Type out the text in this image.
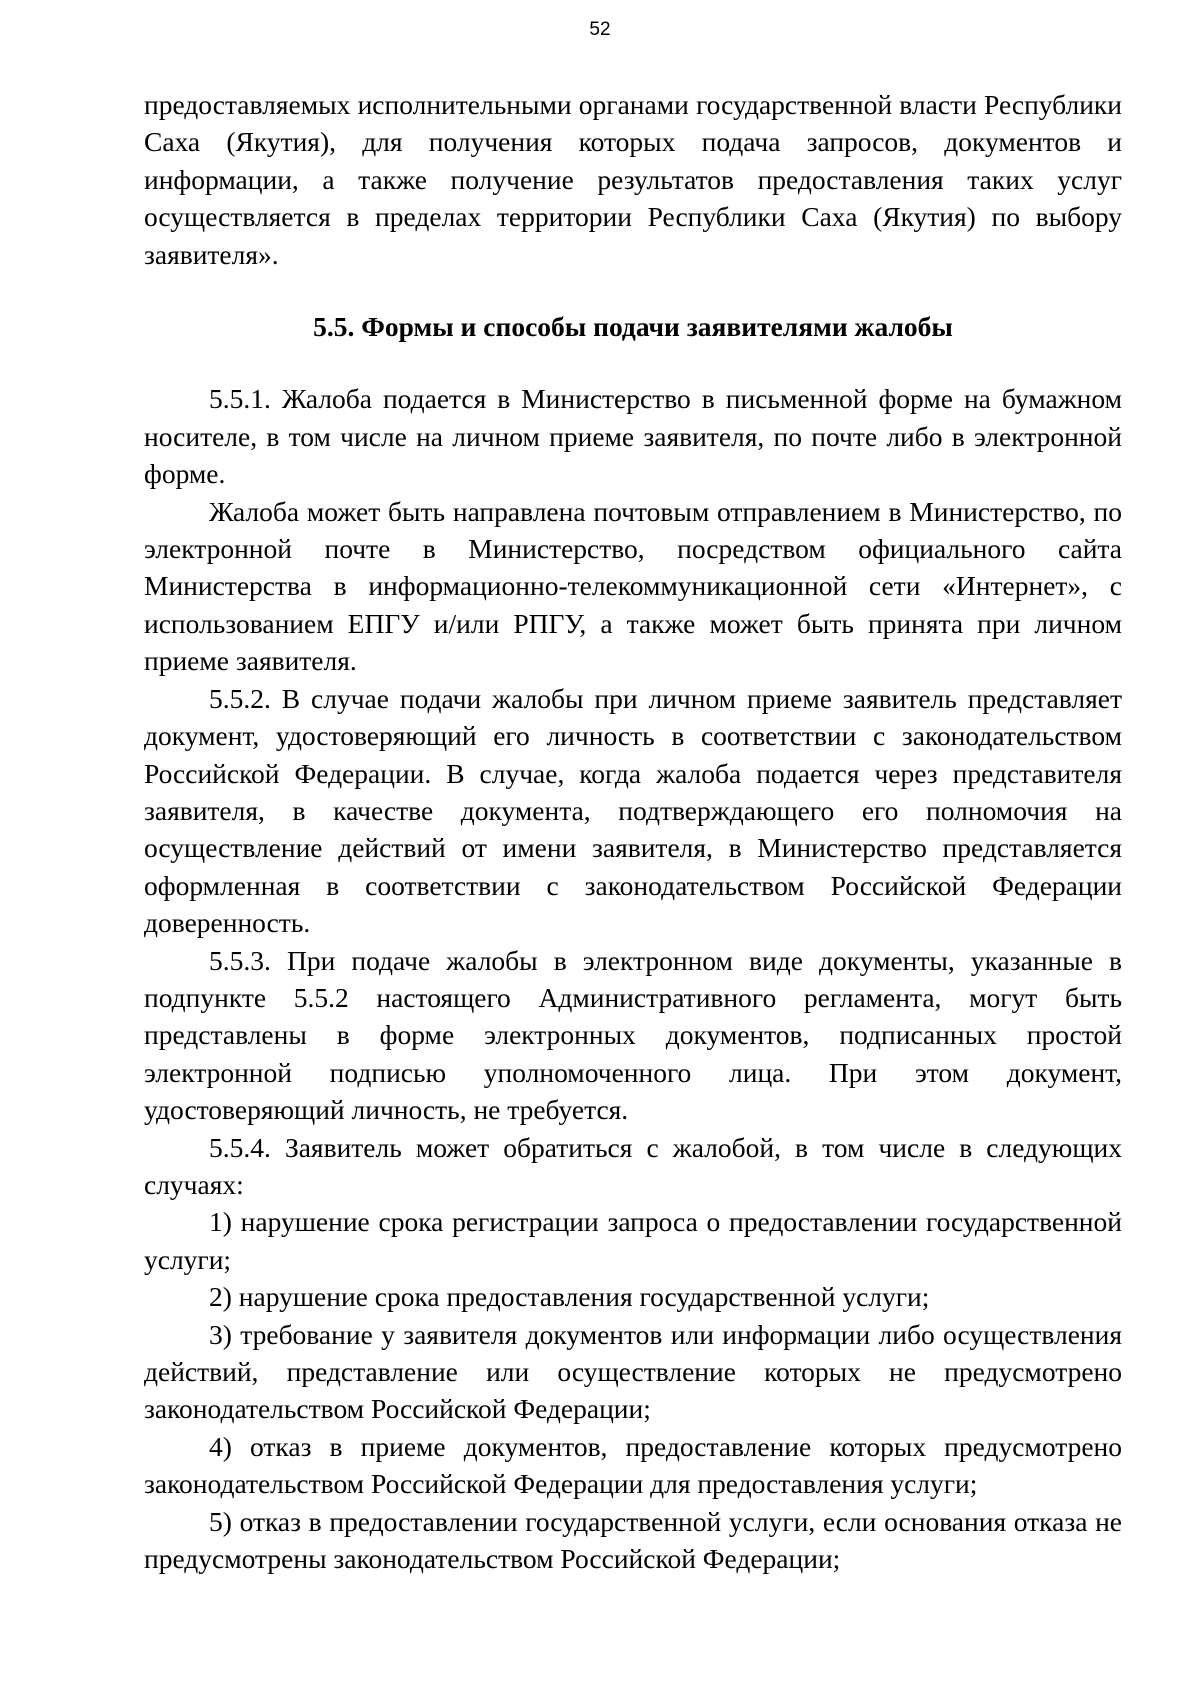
52

предоставляемых исполнительными органами государственной власти Республики Саха (Якутия), для получения которых подача запросов, документов и информации, а также получение результатов предоставления таких услуг осуществляется в пределах территории Республики Саха (Якутия) по выбору заявителя».

5.5. Формы и способы подачи заявителями жалобы

5.5.1. Жалоба подается в Министерство в письменной форме на бумажном носителе, в том числе на личном приеме заявителя, по почте либо в электронной форме.

Жалоба может быть направлена почтовым отправлением в Министерство, по электронной почте в Министерство, посредством официального сайта Министерства в информационно-телекоммуникационной сети «Интернет», с использованием ЕПГУ и/или РПГУ, а также может быть принята при личном приеме заявителя.

5.5.2. В случае подачи жалобы при личном приеме заявитель представляет документ, удостоверяющий его личность в соответствии с законодательством Российской Федерации. В случае, когда жалоба подается через представителя заявителя, в качестве документа, подтверждающего его полномочия на осуществление действий от имени заявителя, в Министерство представляется оформленная в соответствии с законодательством Российской Федерации доверенность.

5.5.3. При подаче жалобы в электронном виде документы, указанные в подпункте 5.5.2 настоящего Административного регламента, могут быть представлены в форме электронных документов, подписанных простой электронной подписью уполномоченного лица. При этом документ, удостоверяющий личность, не требуется.

5.5.4. Заявитель может обратиться с жалобой, в том числе в следующих случаях:

1) нарушение срока регистрации запроса о предоставлении государственной услуги;

2) нарушение срока предоставления государственной услуги;

3) требование у заявителя документов или информации либо осуществления действий, представление или осуществление которых не предусмотрено законодательством Российской Федерации;

4) отказ в приеме документов, предоставление которых предусмотрено законодательством Российской Федерации для предоставления услуги;

5) отказ в предоставлении государственной услуги, если основания отказа не предусмотрены законодательством Российской Федерации;
